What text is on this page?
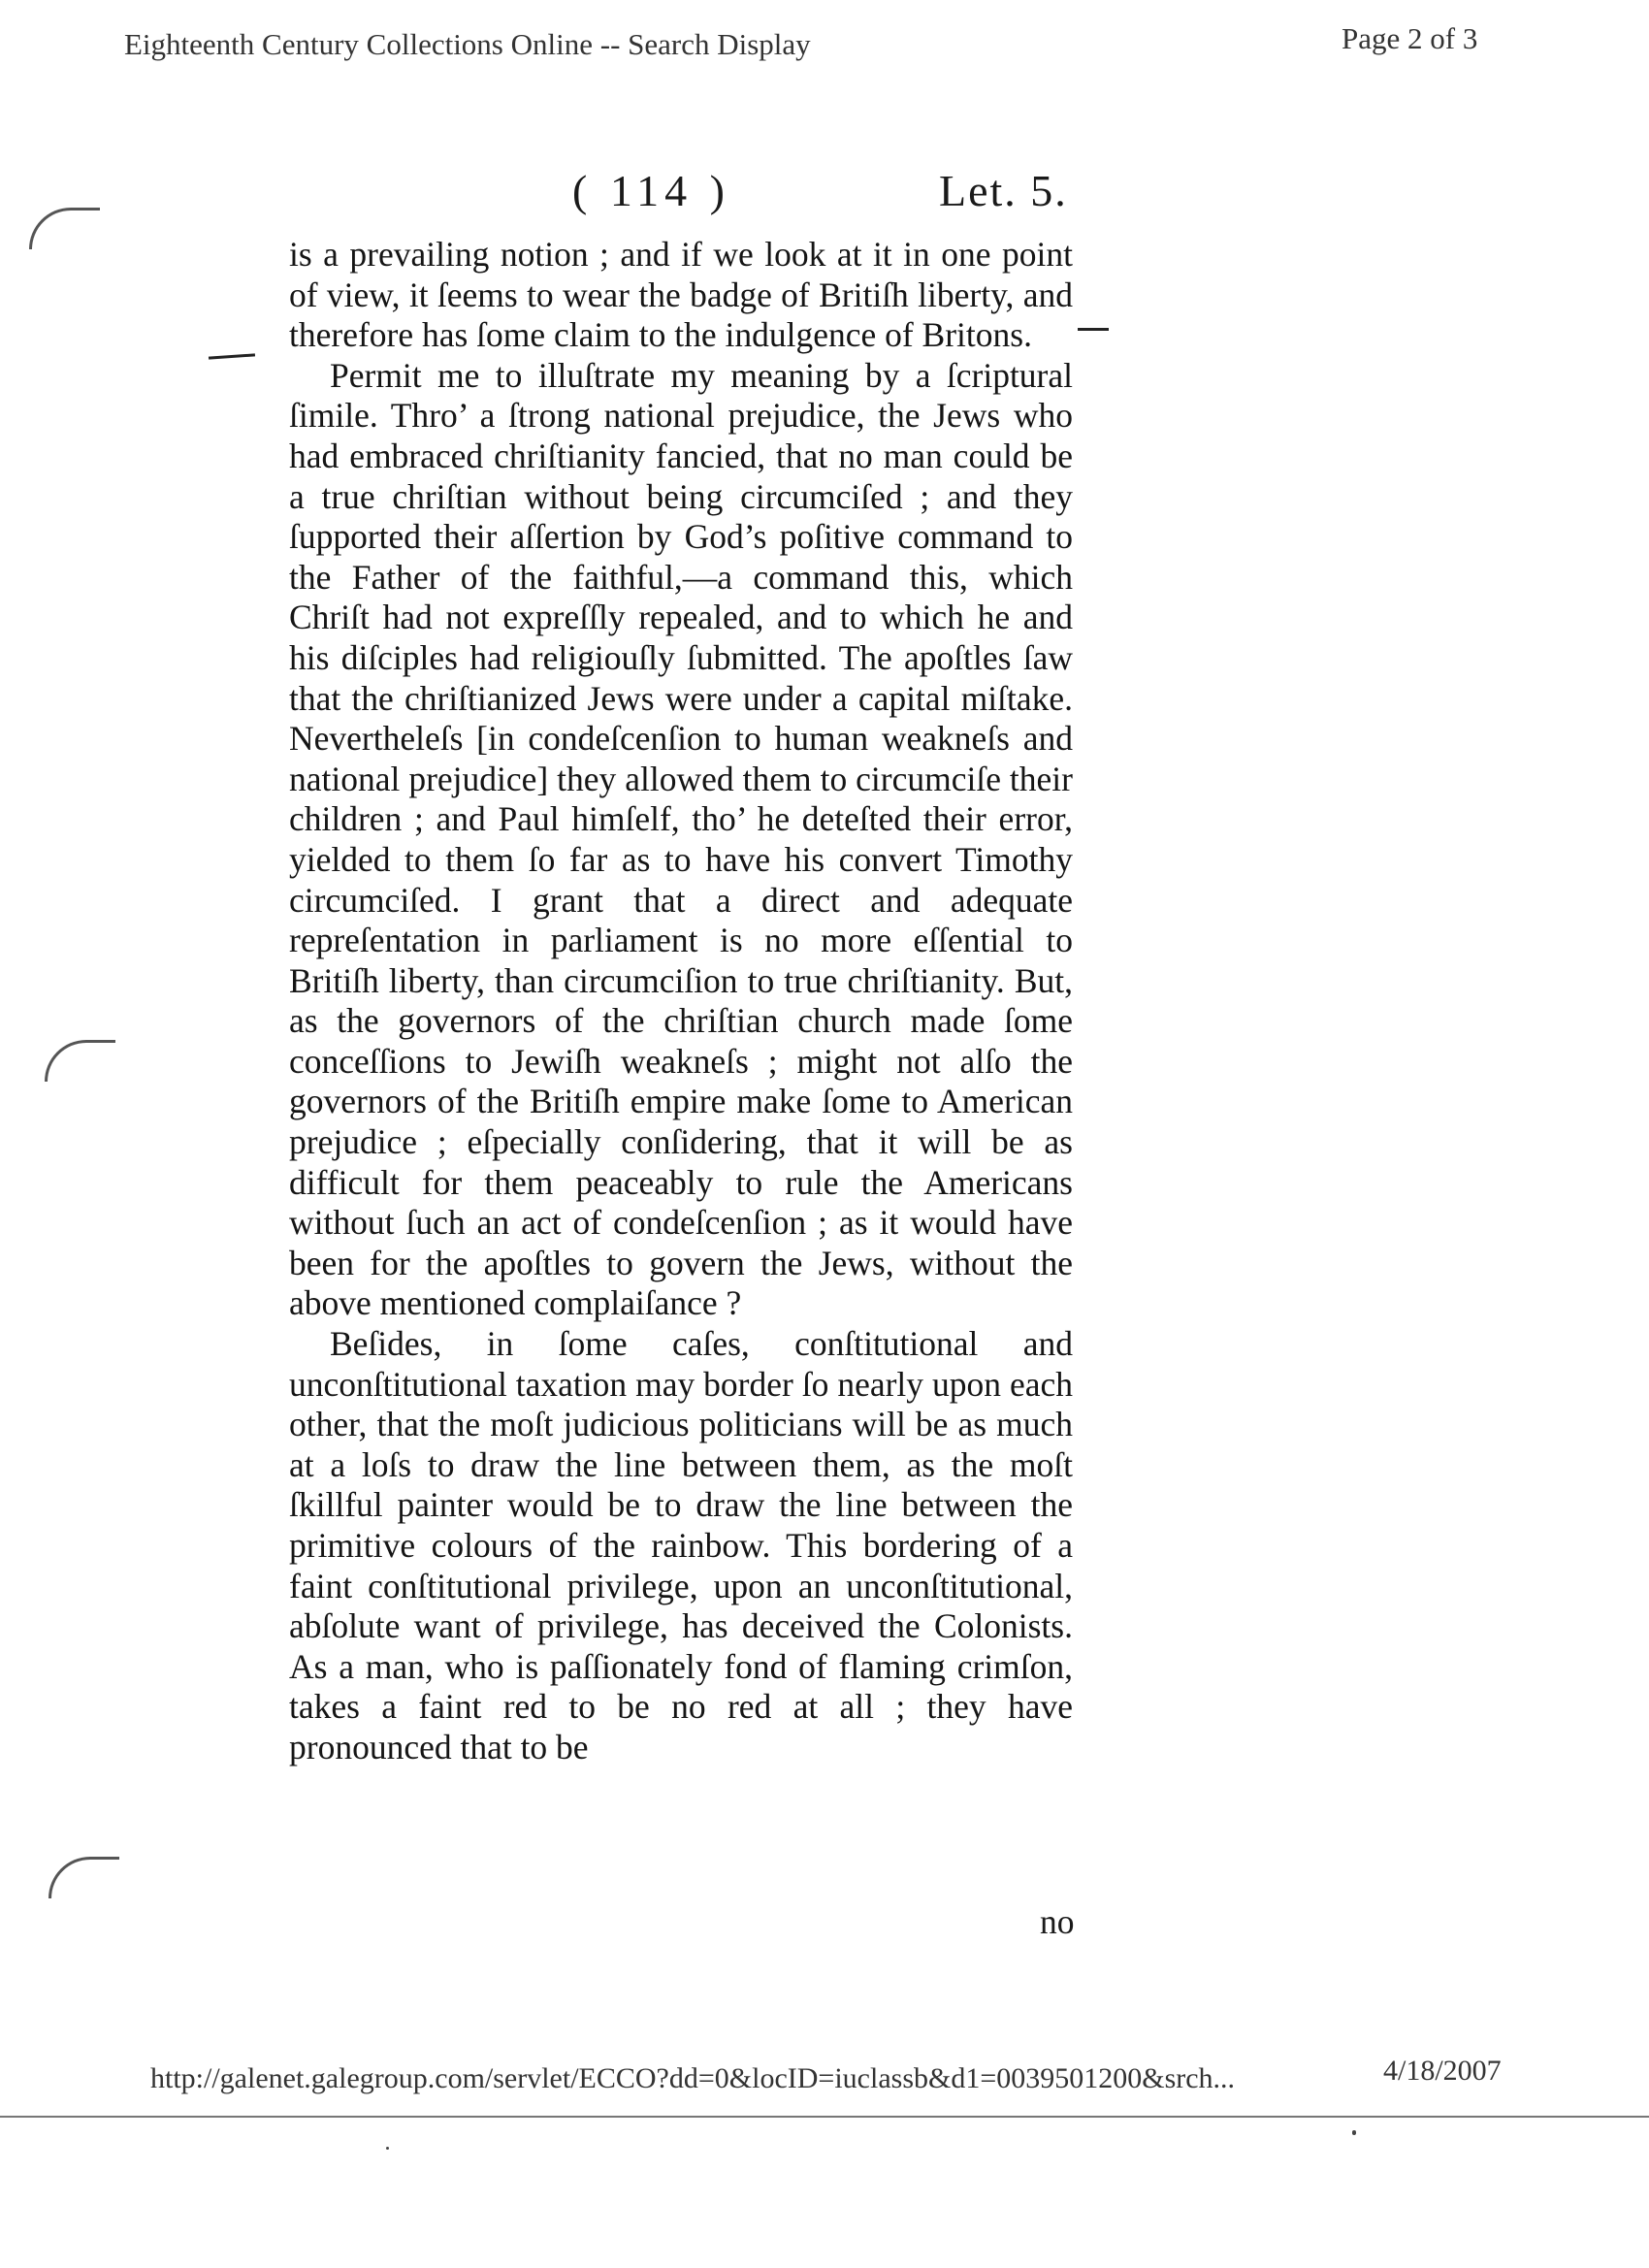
Eighteenth Century Collections Online -- Search Display	Page 2 of 3
( 114 )	Let. 5.

is a prevailing notion ; and if we look at it in one point of view, it ſeems to wear the badge of Britiſh liberty, and therefore has ſome claim to the indulgence of Britons.

Permit me to illuſtrate my meaning by a ſcriptural ſimile. Thro’ a ſtrong national prejudice, the Jews who had embraced chriſtianity fancied, that no man could be a true chriſtian without being circumciſed ; and they ſupported their aſſertion by God’s poſitive command to the Father of the faithful,—a command this, which Chriſt had not expreſſly repealed, and to which he and his diſciples had religiouſly ſubmitted. The apoſtles ſaw that the chriſtianized Jews were under a capital miſtake. Nevertheleſs [in condeſcenſion to human weakneſs and national prejudice] they allowed them to circumciſe their children ; and Paul himſelf, tho’ he deteſted their error, yielded to them ſo far as to have his convert Timothy circumciſed. I grant that a direct and adequate repreſentation in parliament is no more eſſential to Britiſh liberty, than circumciſion to true chriſtianity. But, as the governors of the chriſtian church made ſome conceſſions to Jewiſh weakneſs ; might not alſo the governors of the Britiſh empire make ſome to American prejudice ; eſpecially conſidering, that it will be as difficult for them peaceably to rule the Americans without ſuch an act of condeſcenſion ; as it would have been for the apoſtles to govern the Jews, without the above mentioned complaiſance ?

Beſides, in ſome caſes, conſtitutional and unconſtitutional taxation may border ſo nearly upon each other, that the moſt judicious politicians will be as much at a loſs to draw the line between them, as the moſt ſkillful painter would be to draw the line between the primitive colours of the rainbow. This bordering of a faint conſtitutional privilege, upon an unconſtitutional, abſolute want of privilege, has deceived the Colonists. As a man, who is paſſionately fond of flaming crimſon, takes a faint red to be no red at all ; they have pronounced that to be

no
http://galenet.galegroup.com/servlet/ECCO?dd=0&locID=iuclassb&d1=0039501200&srch...	4/18/2007
